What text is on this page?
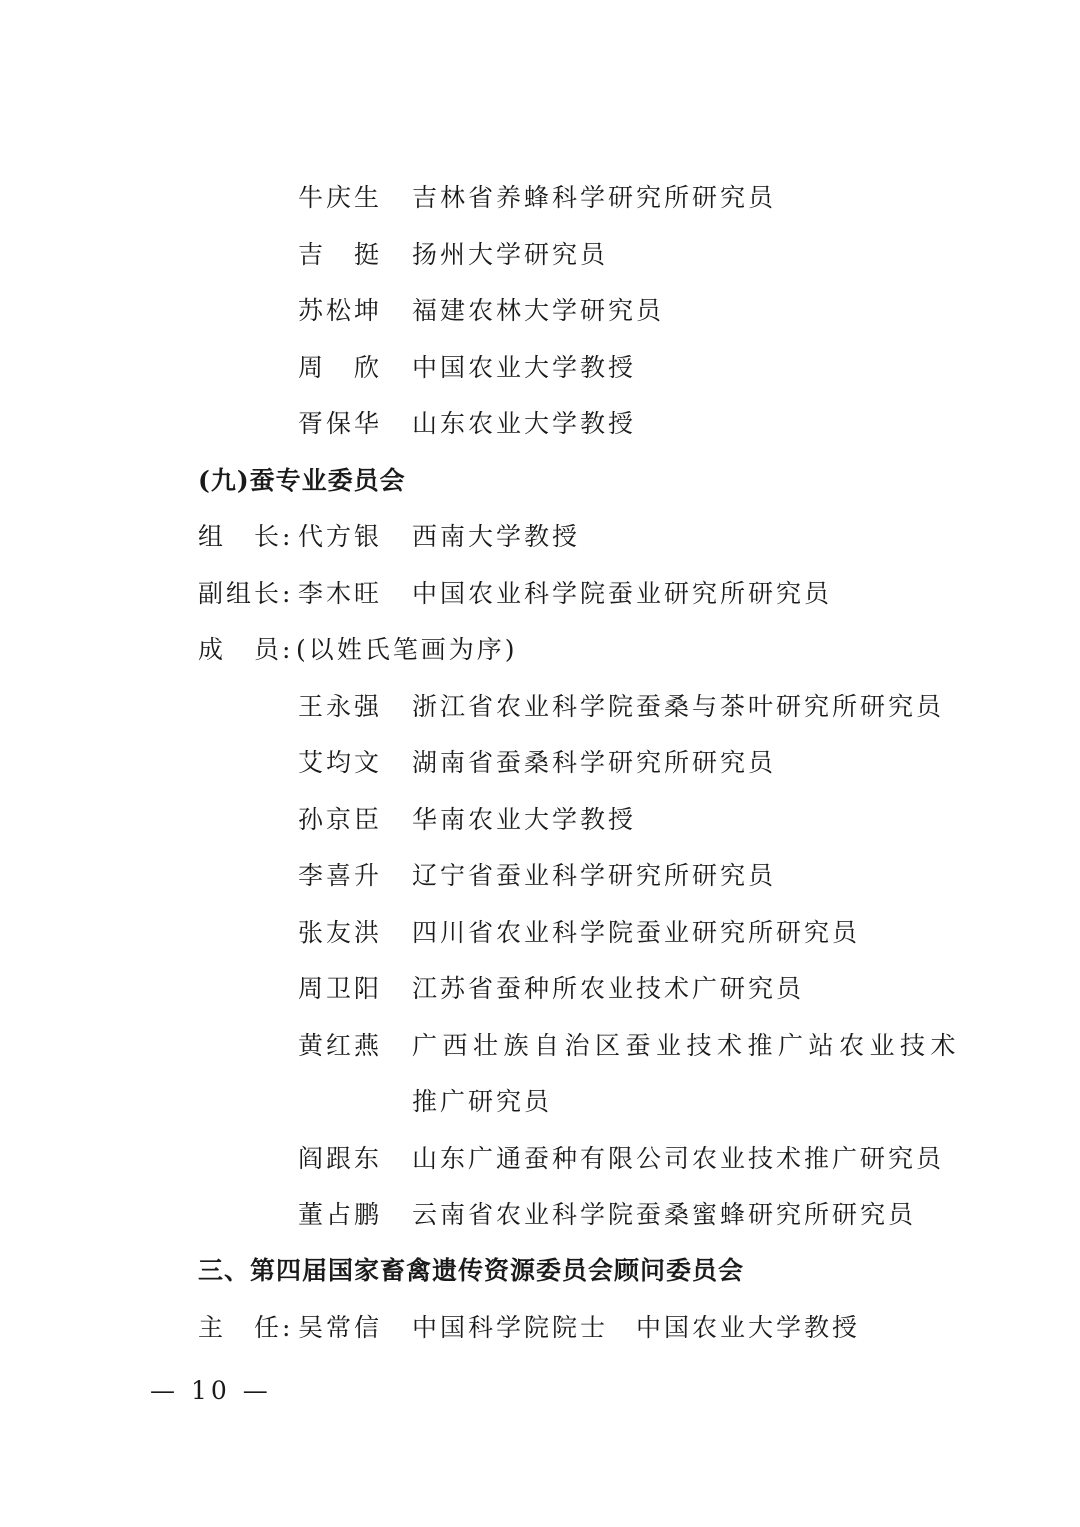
牛庆生	吉林省养蜂科学研究所研究员
吉　挺	扬州大学研究员
苏松坤	福建农林大学研究员
周　欣	中国农业大学教授
胥保华	山东农业大学教授
(九)蚕专业委员会
组　长: 代方银	西南大学教授
副组长: 李木旺	中国农业科学院蚕业研究所研究员
成　员: (以姓氏笔画为序)
王永强	浙江省农业科学院蚕桑与茶叶研究所研究员
艾均文	湖南省蚕桑科学研究所研究员
孙京臣	华南农业大学教授
李喜升	辽宁省蚕业科学研究所研究员
张友洪	四川省农业科学院蚕业研究所研究员
周卫阳	江苏省蚕种所农业技术广研究员
黄红燕	广西壮族自治区蚕业技术推广站农业技术
推广研究员
阎跟东	山东广通蚕种有限公司农业技术推广研究员
董占鹏	云南省农业科学院蚕桑蜜蜂研究所研究员
三、第四届国家畜禽遗传资源委员会顾问委员会
主　任: 吴常信	中国科学院院士　中国农业大学教授
— 10 —
